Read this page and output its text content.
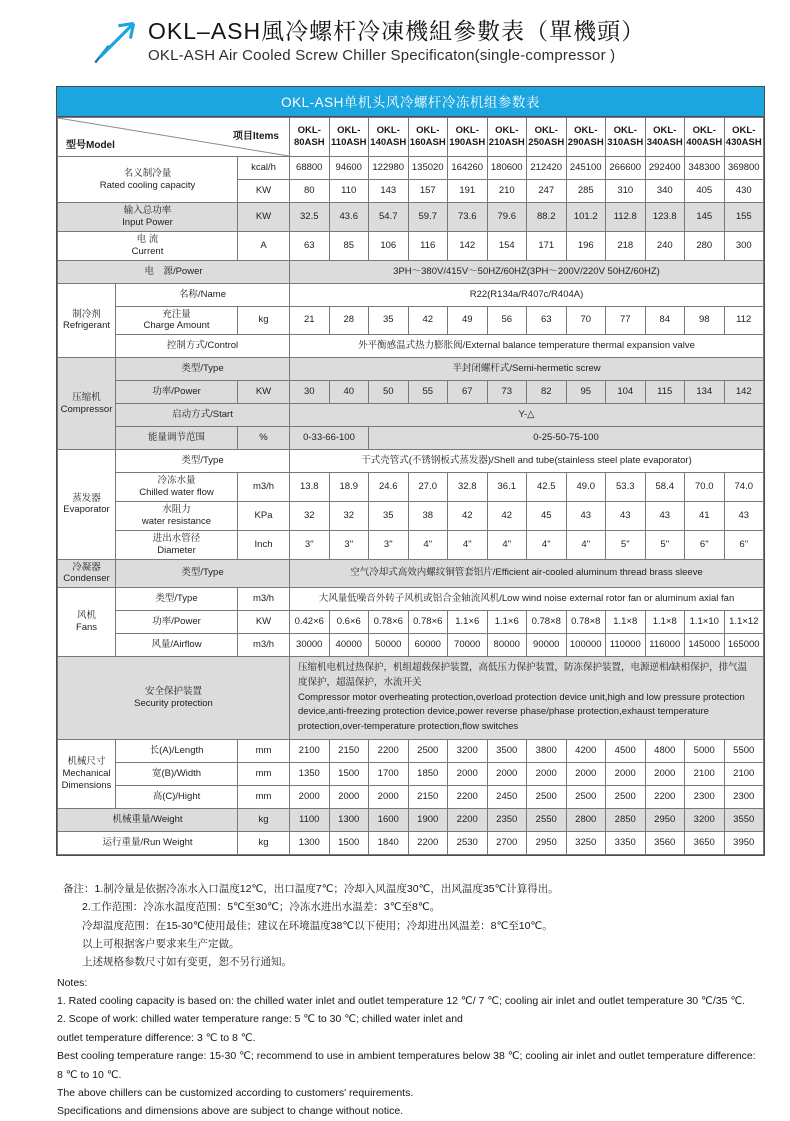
OKL–ASH風冷螺杆冷凍機組參數表（單機頭）
OKL-ASH Air Cooled Screw Chiller Specificaton(single-compressor )
OKL-ASH单机头风冷螺杆冷冻机组参数表
型号Model
项目Items			OKL-
80ASH	OKL-
110ASH	OKL-
140ASH	OKL-
160ASH	OKL-
190ASH	OKL-
210ASH	OKL-
250ASH	OKL-
290ASH	OKL-
310ASH	OKL-
340ASH	OKL-
400ASH	OKL-
430ASH
名义制冷量
Rated cooling capacity		kcal/h	68800	94600	122980	135020	164260	180600	212420	245100	266600	292400	348300	369800
		KW	80	110	143	157	191	210	247	285	310	340	405	430
输入总功率
Input Power		KW	32.5	43.6	54.7	59.7	73.6	79.6	88.2	101.2	112.8	123.8	145	155
电 流
Current		A	63	85	106	116	142	154	171	196	218	240	280	300
电　源/Power			3PH～380V/415V～50HZ/60HZ(3PH～200V/220V 50HZ/60HZ)											
制冷剂
Refrigerant	名称/Name		R22(R134a/R407c/R404A)											
	充注量
Charge Amount	kg	21	28	35	42	49	56	63	70	77	84	98	112
	控制方式/Control		外平衡感温式热力膨胀阀/External balance temperature thermal expansion valve											
压缩机
Compressor	类型/Type		半封闭螺杆式/Semi-hermetic screw											
	功率/Power	KW	30	40	50	55	67	73	82	95	104	115	134	142
	启动方式/Start		Y-△											
	能量调节范围	%	0-33-66-100		0-25-50-75-100									
蒸发器
Evaporator	类型/Type		干式壳管式(不锈钢板式蒸发器)/Shell and tube(stainless steel plate evaporator)											
	冷冻水量
Chilled water flow	m3/h	13.8	18.9	24.6	27.0	32.8	36.1	42.5	49.0	53.3	58.4	70.0	74.0
	水阻力
water resistance	KPa	32	32	35	38	42	42	45	43	43	43	41	43
	进出水管径
Diameter	Inch	3"	3"	3"	4"	4"	4"	4"	4"	5"	5"	6"	6"
冷凝器
Condenser	类型/Type		空气冷却式高效内螺纹铜管套铝片/Efficient air-cooled aluminum thread brass sleeve											
风机
Fans	类型/Type	m3/h	大风量低噪音外转子风机或铝合金轴流风机/Low wind noise external rotor fan or aluminum axial fan											
	功率/Power	KW	0.42×6	0.6×6	0.78×6	0.78×6	1.1×6	1.1×6	0.78×8	0.78×8	1.1×8	1.1×8	1.1×10	1.1×12
	风量/Airflow	m3/h	30000	40000	50000	60000	70000	80000	90000	100000	110000	116000	145000	165000
安全保护装置
Security protection			压缩机电机过热保护，机组超载保护装置，高低压力保护装置，防冻保护装置，电源逆相/缺相保护，排气温度保护，超温保护，水流开关
Compressor motor overheating protection,overload protection device unit,high and low pressure protection device,anti-freezing protection device,power reverse phase/phase protection,exhaust temperature protection,over-temperature protection,flow switches											
机械尺寸
Mechanical
Dimensions	长(A)/Length	mm	2100	2150	2200	2500	3200	3500	3800	4200	4500	4800	5000	5500
	宽(B)/Width	mm	1350	1500	1700	1850	2000	2000	2000	2000	2000	2000	2100	2100
	高(C)/Hight	mm	2000	2000	2000	2150	2200	2450	2500	2500	2500	2200	2300	2300
机械重量/Weight		kg	1100	1300	1600	1900	2200	2350	2550	2800	2850	2950	3200	3550
运行重量/Run Weight		kg	1300	1500	1840	2200	2530	2700	2950	3250	3350	3560	3650	3950

备注：1.制冷量是依据冷冻水入口温度12℃，出口温度7℃；冷却入风温度30℃，出风温度35℃计算得出。

2.工作范围：冷冻水温度范围：5℃至30℃；冷冻水进出水温差：3℃至8℃。

冷却温度范围：在15-30℃使用最佳；建议在环境温度38℃以下使用；冷却进出风温差：8℃至10℃。

以上可根据客户要求来生产定做。

上述规格参数尺寸如有变更，恕不另行通知。

Notes:

1. Rated cooling capacity is based on: the chilled water inlet and outlet temperature 12 ℃/ 7 ℃; cooling air inlet and outlet temperature 30 ℃/35 ℃.

2. Scope of work: chilled water temperature range: 5 ℃ to 30 ℃; chilled water inlet and

outlet temperature difference: 3 ℃ to 8 ℃.

Best cooling temperature range: 15-30 ℃; recommend to use in ambient temperatures below 38 ℃; cooling air inlet and outlet temperature difference: 8 ℃ to 10 ℃.

The above chillers can be customized according to customers' requirements.

Specifications and dimensions above are subject to change without notice.
